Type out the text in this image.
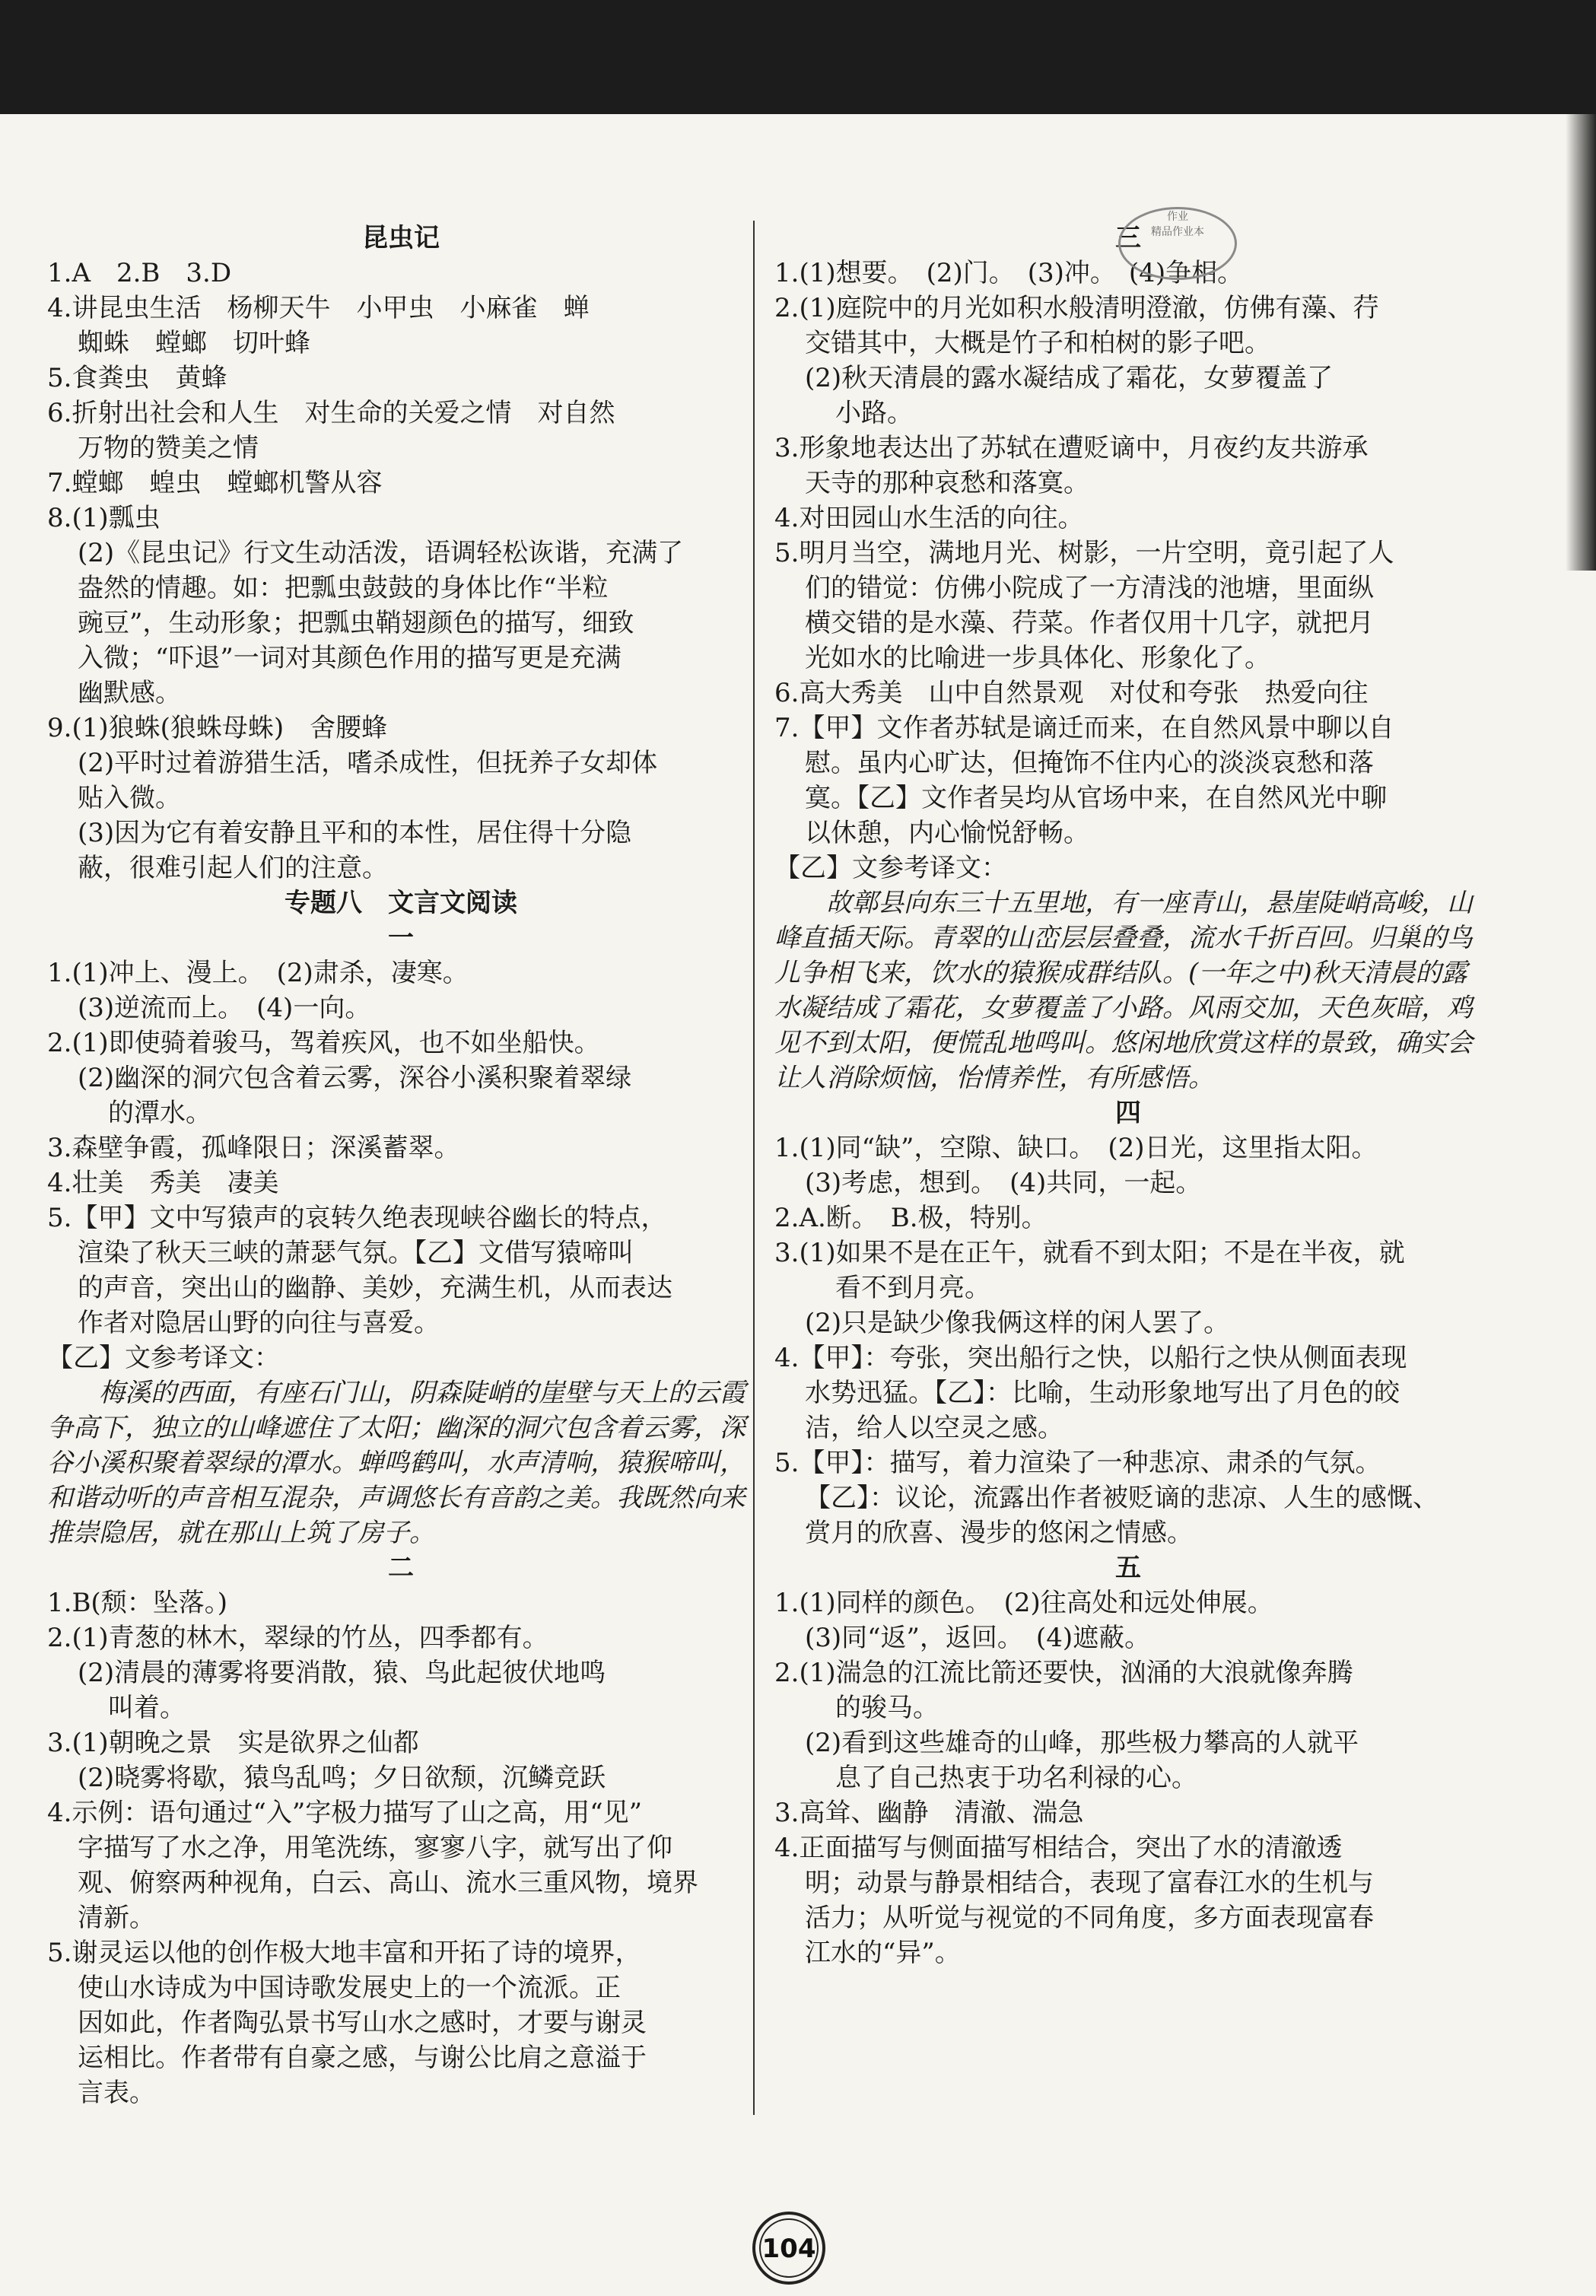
昆虫记
1.A　2.B　3.D
4.讲昆虫生活　杨柳天牛　小甲虫　小麻雀　蝉
蜘蛛　螳螂　切叶蜂
5.食粪虫　黄蜂
6.折射出社会和人生　对生命的关爱之情　对自然
万物的赞美之情
7.螳螂　蝗虫　螳螂机警从容
8.(1)瓢虫
(2)《昆虫记》行文生动活泼，语调轻松诙谐，充满了
盎然的情趣。如：把瓢虫鼓鼓的身体比作“半粒
豌豆”，生动形象；把瓢虫鞘翅颜色的描写，细致
入微；“吓退”一词对其颜色作用的描写更是充满
幽默感。
9.(1)狼蛛(狼蛛母蛛)　舍腰蜂
(2)平时过着游猎生活，嗜杀成性，但抚养子女却体
贴入微。
(3)因为它有着安静且平和的本性，居住得十分隐
蔽，很难引起人们的注意。
专题八　文言文阅读
一
1.(1)冲上、漫上。　(2)肃杀，凄寒。
(3)逆流而上。　(4)一向。
2.(1)即使骑着骏马，驾着疾风，也不如坐船快。
(2)幽深的洞穴包含着云雾，深谷小溪积聚着翠绿
的潭水。
3.森壁争霞，孤峰限日；深溪蓄翠。
4.壮美　秀美　凄美
5.【甲】文中写猿声的哀转久绝表现峡谷幽长的特点，
渲染了秋天三峡的萧瑟气氛。【乙】文借写猿啼叫
的声音，突出山的幽静、美妙，充满生机，从而表达
作者对隐居山野的向往与喜爱。
【乙】文参考译文：
梅溪的西面，有座石门山，阴森陡峭的崖壁与天上的云霞争高下，独立的山峰遮住了太阳；幽深的洞穴包含着云雾，深谷小溪积聚着翠绿的潭水。蝉鸣鹤叫，水声清响，猿猴啼叫，和谐动听的声音相互混杂，声调悠长有音韵之美。我既然向来推崇隐居，就在那山上筑了房子。
二
1.B(颓：坠落。)
2.(1)青葱的林木，翠绿的竹丛，四季都有。
(2)清晨的薄雾将要消散，猿、鸟此起彼伏地鸣
叫着。
3.(1)朝晚之景　实是欲界之仙都
(2)晓雾将歇，猿鸟乱鸣；夕日欲颓，沉鳞竞跃
4.示例：语句通过“入”字极力描写了山之高，用“见”
字描写了水之净，用笔洗练，寥寥八字，就写出了仰
观、俯察两种视角，白云、高山、流水三重风物，境界
清新。
5.谢灵运以他的创作极大地丰富和开拓了诗的境界，
使山水诗成为中国诗歌发展史上的一个流派。正
因如此，作者陶弘景书写山水之感时，才要与谢灵
运相比。作者带有自豪之感，与谢公比肩之意溢于
言表。
三
1.(1)想要。　(2)门。　(3)冲。　(4)争相。
2.(1)庭院中的月光如积水般清明澄澈，仿佛有藻、荇
交错其中，大概是竹子和柏树的影子吧。
(2)秋天清晨的露水凝结成了霜花，女萝覆盖了
小路。
3.形象地表达出了苏轼在遭贬谪中，月夜约友共游承
天寺的那种哀愁和落寞。
4.对田园山水生活的向往。
5.明月当空，满地月光、树影，一片空明，竟引起了人
们的错觉：仿佛小院成了一方清浅的池塘，里面纵
横交错的是水藻、荇菜。作者仅用十几字，就把月
光如水的比喻进一步具体化、形象化了。
6.高大秀美　山中自然景观　对仗和夸张　热爱向往
7.【甲】文作者苏轼是谪迁而来，在自然风景中聊以自
慰。虽内心旷达，但掩饰不住内心的淡淡哀愁和落
寞。【乙】文作者吴均从官场中来，在自然风光中聊
以休憩，内心愉悦舒畅。
【乙】文参考译文：
故鄣县向东三十五里地，有一座青山，悬崖陡峭高峻，山峰直插天际。青翠的山峦层层叠叠，流水千折百回。归巢的鸟儿争相飞来，饮水的猿猴成群结队。(一年之中)秋天清晨的露水凝结成了霜花，女萝覆盖了小路。风雨交加，天色灰暗，鸡见不到太阳，便慌乱地鸣叫。悠闲地欣赏这样的景致，确实会让人消除烦恼，怡情养性，有所感悟。
四
1.(1)同“缺”，空隙、缺口。　(2)日光，这里指太阳。
(3)考虑，想到。　(4)共同，一起。
2.A.断。　B.极，特别。
3.(1)如果不是在正午，就看不到太阳；不是在半夜，就
看不到月亮。
(2)只是缺少像我俩这样的闲人罢了。
4.【甲】：夸张，突出船行之快，以船行之快从侧面表现
水势迅猛。【乙】：比喻，生动形象地写出了月色的皎
洁，给人以空灵之感。
5.【甲】：描写，着力渲染了一种悲凉、肃杀的气氛。
【乙】：议论，流露出作者被贬谪的悲凉、人生的感慨、
赏月的欣喜、漫步的悠闲之情感。
五
1.(1)同样的颜色。　(2)往高处和远处伸展。
(3)同“返”，返回。　(4)遮蔽。
2.(1)湍急的江流比箭还要快，汹涌的大浪就像奔腾
的骏马。
(2)看到这些雄奇的山峰，那些极力攀高的人就平
息了自己热衷于功名利禄的心。
3.高耸、幽静　清澈、湍急
4.正面描写与侧面描写相结合，突出了水的清澈透
明；动景与静景相结合，表现了富春江水的生机与
活力；从听觉与视觉的不同角度，多方面表现富春
江水的“异”。
作业
精品作业本
104
